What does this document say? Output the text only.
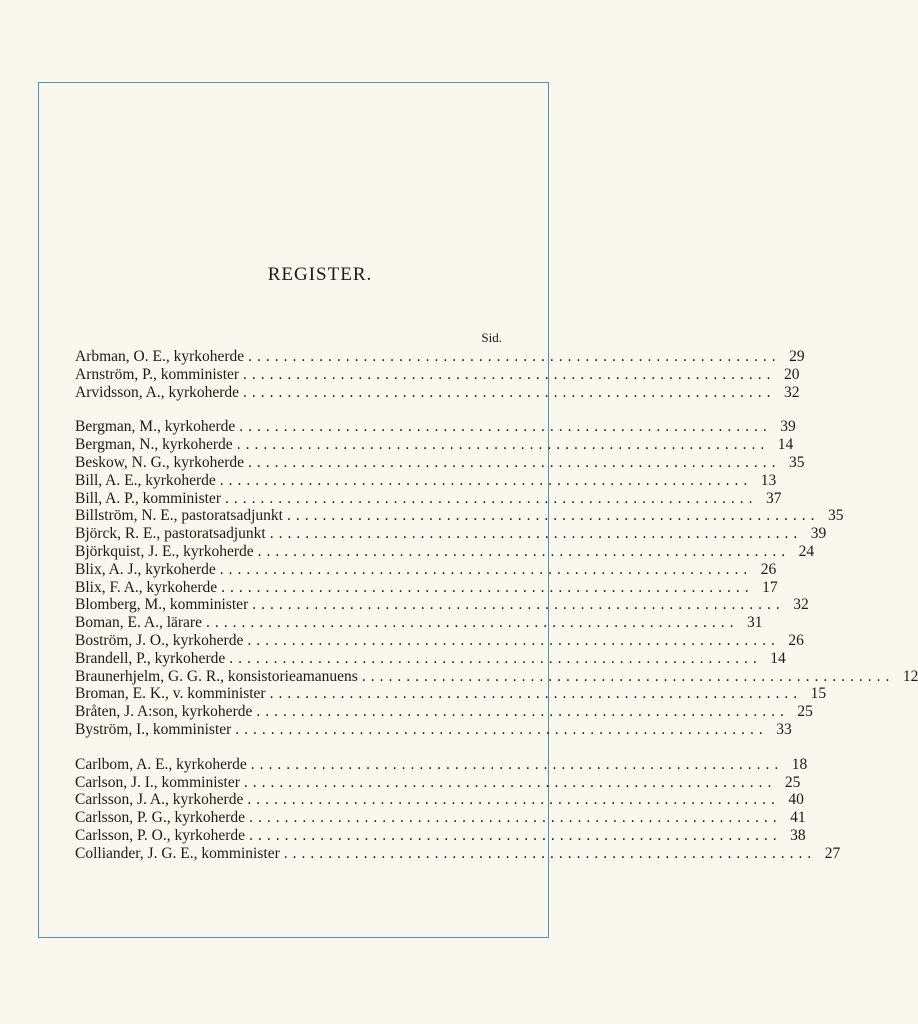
REGISTER.
Sid.
Arbman, O. E., kyrkoherde ............................................................ 29
Arnström, P., komminister ............................................................ 20
Arvidsson, A., kyrkoherde ............................................................ 32
Bergman, M., kyrkoherde ............................................................ 39
Bergman, N., kyrkoherde ............................................................ 14
Beskow, N. G., kyrkoherde ............................................................ 35
Bill, A. E., kyrkoherde ............................................................ 13
Bill, A. P., komminister ............................................................ 37
Billström, N. E., pastoratsadjunkt ............................................................ 35
Björck, R. E., pastoratsadjunkt ............................................................ 39
Björkquist, J. E., kyrkoherde ............................................................ 24
Blix, A. J., kyrkoherde ............................................................ 26
Blix, F. A., kyrkoherde ............................................................ 17
Blomberg, M., komminister ............................................................ 32
Boman, E. A., lärare ............................................................ 31
Boström, J. O., kyrkoherde ............................................................ 26
Brandell, P., kyrkoherde ............................................................ 14
Braunerhjelm, G. G. R., konsistorieamanuens ............................................................ 12
Broman, E. K., v. komminister ............................................................ 15
Bråten, J. A:son, kyrkoherde ............................................................ 25
Byström, I., komminister ............................................................ 33
Carlbom, A. E., kyrkoherde ............................................................ 18
Carlson, J. I., komminister ............................................................ 25
Carlsson, J. A., kyrkoherde ............................................................ 40
Carlsson, P. G., kyrkoherde ............................................................ 41
Carlsson, P. O., kyrkoherde ............................................................ 38
Colliander, J. G. E., komminister ............................................................ 27
